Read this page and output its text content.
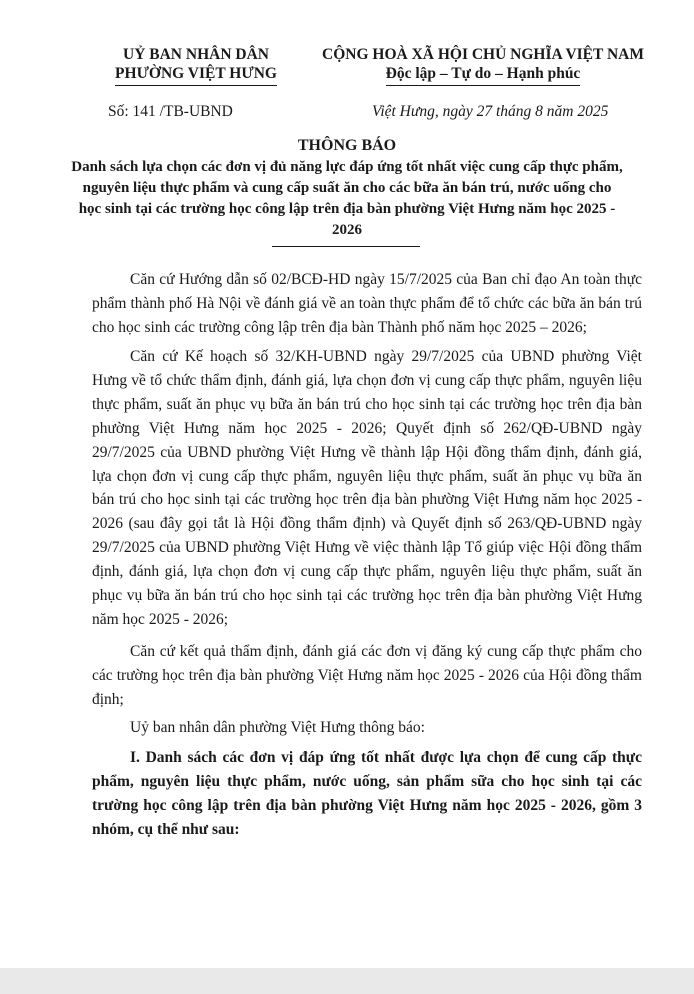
UỶ BAN NHÂN DÂN
PHƯỜNG VIỆT HƯNG
CỘNG HOÀ XÃ HỘI CHỦ NGHĨA VIỆT NAM
Độc lập – Tự do – Hạnh phúc
Số: 141 /TB-UBND	Việt Hưng, ngày 27 tháng 8 năm 2025
THÔNG BÁO
Danh sách lựa chọn các đơn vị đủ năng lực đáp ứng tốt nhất việc cung cấp thực phẩm, nguyên liệu thực phẩm và cung cấp suất ăn cho các bữa ăn bán trú, nước uống cho học sinh tại các trường học công lập trên địa bàn phường Việt Hưng năm học 2025 - 2026
Căn cứ Hướng dẫn số 02/BCĐ-HD ngày 15/7/2025 của Ban chỉ đạo An toàn thực phẩm thành phố Hà Nội về đánh giá về an toàn thực phẩm để tổ chức các bữa ăn bán trú cho học sinh các trường công lập trên địa bàn Thành phố năm học 2025 – 2026;
Căn cứ Kế hoạch số 32/KH-UBND ngày 29/7/2025 của UBND phường Việt Hưng về tổ chức thẩm định, đánh giá, lựa chọn đơn vị cung cấp thực phẩm, nguyên liệu thực phẩm, suất ăn phục vụ bữa ăn bán trú cho học sinh tại các trường học trên địa bàn phường Việt Hưng năm học 2025 - 2026; Quyết định số 262/QĐ-UBND ngày 29/7/2025 của UBND phường Việt Hưng về thành lập Hội đồng thẩm định, đánh giá, lựa chọn đơn vị cung cấp thực phẩm, nguyên liệu thực phẩm, suất ăn phục vụ bữa ăn bán trú cho học sinh tại các trường học trên địa bàn phường Việt Hưng năm học 2025 - 2026 (sau đây gọi tắt là Hội đồng thẩm định) và Quyết định số 263/QĐ-UBND ngày 29/7/2025 của UBND phường Việt Hưng về việc thành lập Tổ giúp việc Hội đồng thẩm định, đánh giá, lựa chọn đơn vị cung cấp thực phẩm, nguyên liệu thực phẩm, suất ăn phục vụ bữa ăn bán trú cho học sinh tại các trường học trên địa bàn phường Việt Hưng năm học 2025 - 2026;
Căn cứ kết quả thẩm định, đánh giá các đơn vị đăng ký cung cấp thực phẩm cho các trường học trên địa bàn phường Việt Hưng năm học 2025 - 2026 của Hội đồng thẩm định;
Uỷ ban nhân dân phường Việt Hưng thông báo:
I. Danh sách các đơn vị đáp ứng tốt nhất được lựa chọn để cung cấp thực phẩm, nguyên liệu thực phẩm, nước uống, sản phẩm sữa cho học sinh tại các trường học công lập trên địa bàn phường Việt Hưng năm học 2025 - 2026, gồm 3 nhóm, cụ thể như sau:
